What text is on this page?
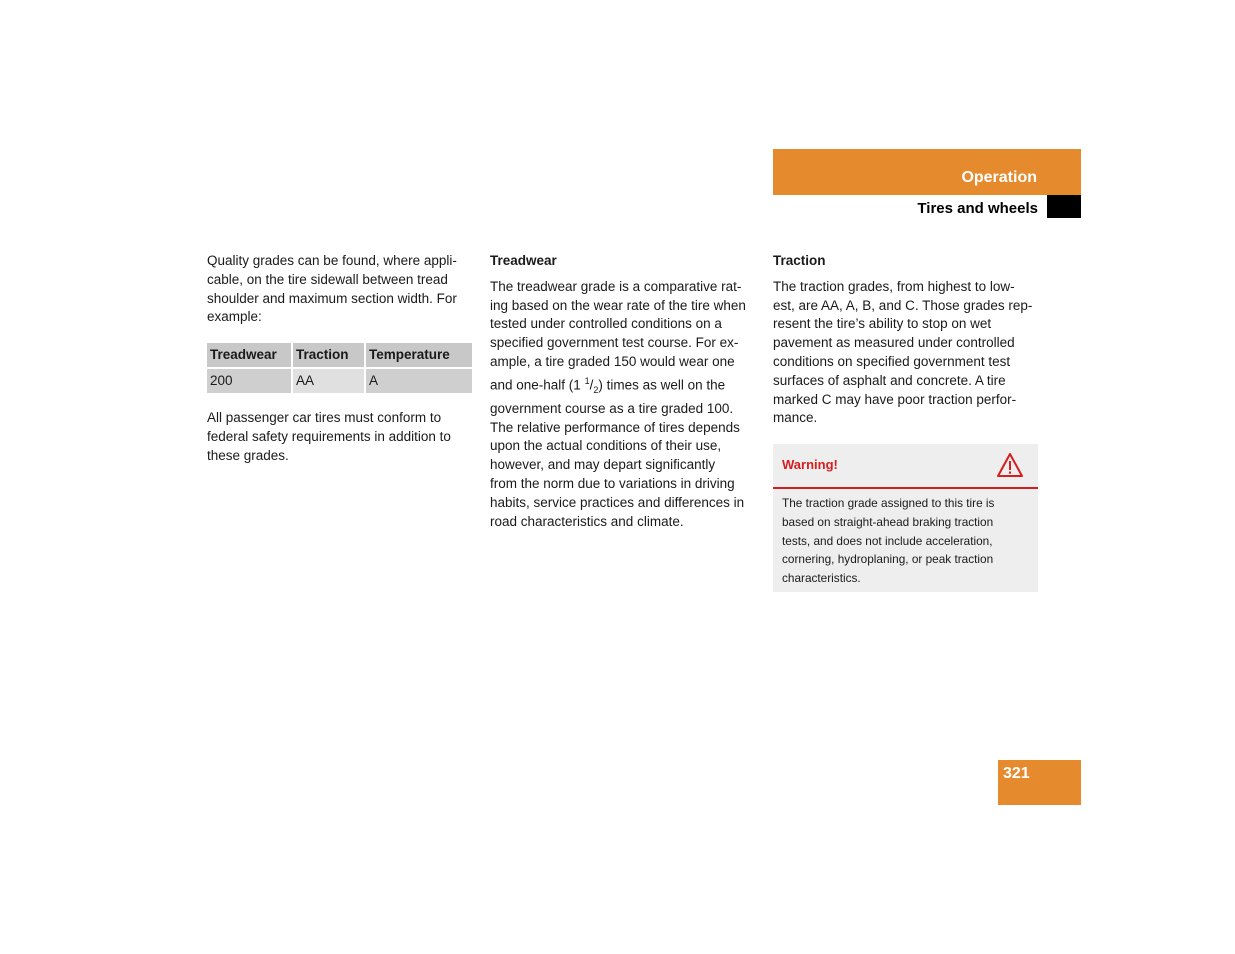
Operation
Tires and wheels

Quality grades can be found, where appli-
cable, on the tire sidewall between tread
shoulder and maximum section width. For
example:

Treadwear	Traction	Temperature
200	AA	A

All passenger car tires must conform to
federal safety requirements in addition to
these grades.

Treadwear

The treadwear grade is a comparative rat-
ing based on the wear rate of the tire when
tested under controlled conditions on a
specified government test course. For ex-
ample, a tire graded 150 would wear one
and one-half (1 $^1/_2$) times as well on the
government course as a tire graded 100.
The relative performance of tires depends
upon the actual conditions of their use,
however, and may depart significantly
from the norm due to variations in driving
habits, service practices and differences in
road characteristics and climate.

Traction

The traction grades, from highest to low-
est, are AA, A, B, and C. Those grades rep-
resent the tire’s ability to stop on wet
pavement as measured under controlled
conditions on specified government test
surfaces of asphalt and concrete. A tire
marked C may have poor traction perfor-
mance.

Warning!
The traction grade assigned to this tire is
based on straight-ahead braking traction
tests, and does not include acceleration,
cornering, hydroplaning, or peak traction
characteristics.
321
